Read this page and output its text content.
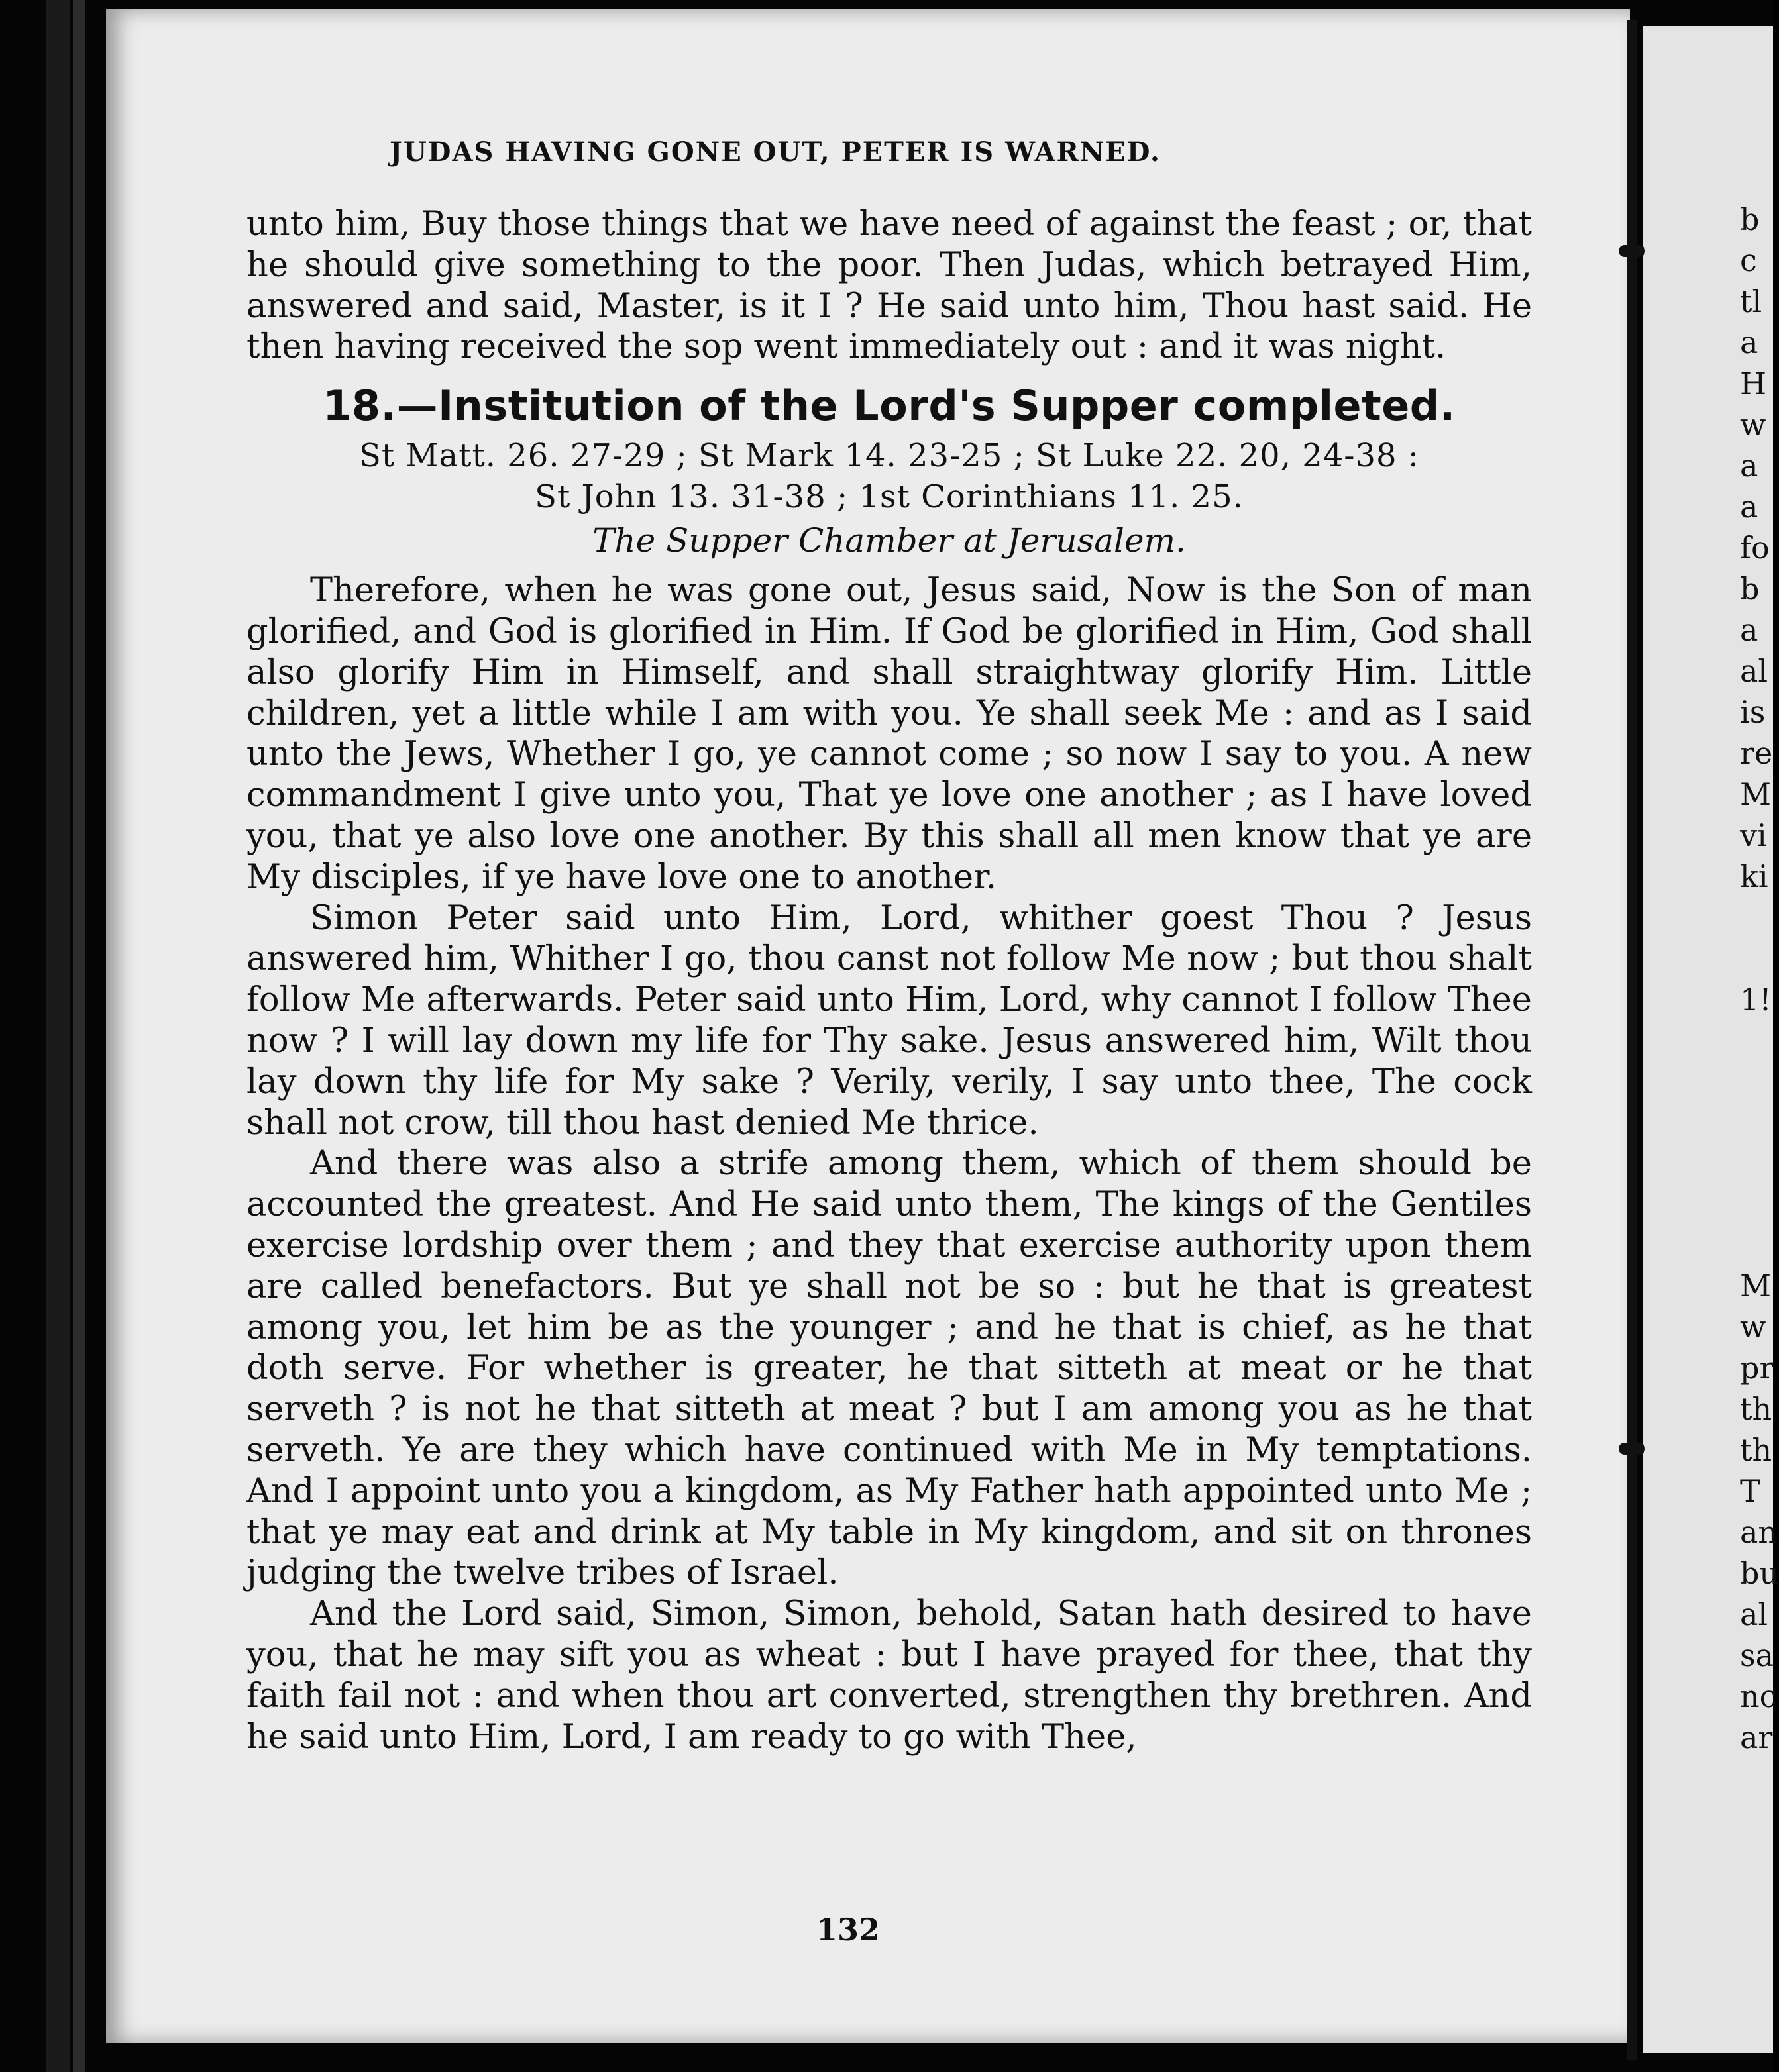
JUDAS HAVING GONE OUT, PETER IS WARNED.

unto him, Buy those things that we have need of against the feast ; or, that he should give something to the poor. Then Judas, which betrayed Him, answered and said, Master, is it I ? He said unto him, Thou hast said. He then having received the sop went immediately out : and it was night.

18.—Institution of the Lord's Supper completed.

St Matt. 26. 27-29 ; St Mark 14. 23-25 ; St Luke 22. 20, 24-38 :

St John 13. 31-38 ; 1st Corinthians 11. 25.

The Supper Chamber at Jerusalem.

Therefore, when he was gone out, Jesus said, Now is the Son of man glorified, and God is glorified in Him. If God be glorified in Him, God shall also glorify Him in Himself, and shall straightway glorify Him. Little children, yet a little while I am with you. Ye shall seek Me : and as I said unto the Jews, Whether I go, ye cannot come ; so now I say to you. A new commandment I give unto you, That ye love one another ; as I have loved you, that ye also love one another. By this shall all men know that ye are My disciples, if ye have love one to another.

Simon Peter said unto Him, Lord, whither goest Thou ? Jesus answered him, Whither I go, thou canst not follow Me now ; but thou shalt follow Me afterwards. Peter said unto Him, Lord, why cannot I follow Thee now ? I will lay down my life for Thy sake. Jesus answered him, Wilt thou lay down thy life for My sake ? Verily, verily, I say unto thee, The cock shall not crow, till thou hast denied Me thrice.

And there was also a strife among them, which of them should be accounted the greatest. And He said unto them, The kings of the Gentiles exercise lordship over them ; and they that exercise authority upon them are called benefactors. But ye shall not be so : but he that is greatest among you, let him be as the younger ; and he that is chief, as he that doth serve. For whether is greater, he that sitteth at meat or he that serveth ? is not he that sitteth at meat ? but I am among you as he that serveth. Ye are they which have continued with Me in My temptations. And I appoint unto you a kingdom, as My Father hath appointed unto Me ; that ye may eat and drink at My table in My kingdom, and sit on thrones judging the twelve tribes of Israel.

And the Lord said, Simon, Simon, behold, Satan hath desired to have you, that he may sift you as wheat : but I have prayed for thee, that thy faith fail not : and when thou art converted, strengthen thy brethren. And he said unto Him, Lord, I am ready to go with Thee,

132
b
c
tl
a
H
w
a
a
fo
b
a
al
is
re
M
vi
ki
1!
M
w
pr
th
th
T
an
bu
al
sa
nc
ar
